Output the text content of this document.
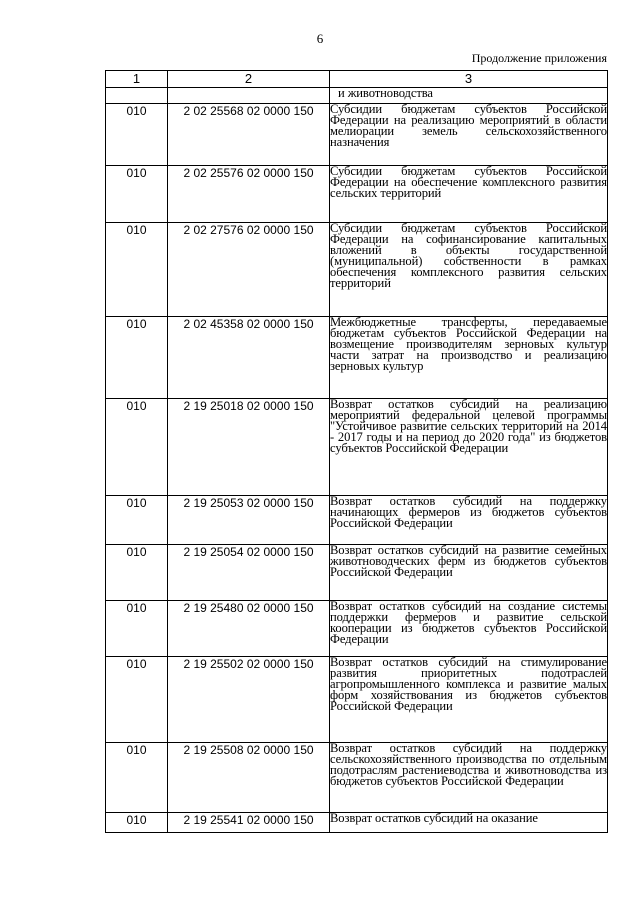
6
Продолжение приложения
1	2	3
		и животноводства
010	2 02 25568 02 0000 150	Субсидии бюджетам субъектов Российской Федерации на реализацию мероприятий в области мелиорации земель сельскохозяйственного назначения
010	2 02 25576 02 0000 150	Субсидии бюджетам субъектов Российской Федерации на обеспечение комплексного развития сельских территорий
010	2 02 27576 02 0000 150	Субсидии бюджетам субъектов Российской Федерации на софинансирование капитальных вложений в объекты государственной (муниципальной) собственности в рамках обеспечения комплексного развития сельских территорий
010	2 02 45358 02 0000 150	Межбюджетные трансферты, передаваемые бюджетам субъектов Российской Федерации на возмещение производителям зерновых культур части затрат на производство и реализацию зерновых культур
010	2 19 25018 02 0000 150	Возврат остатков субсидий на реализацию мероприятий федеральной целевой программы "Устойчивое развитие сельских территорий на 2014 - 2017 годы и на период до 2020 года" из бюджетов субъектов Российской Федерации
010	2 19 25053 02 0000 150	Возврат остатков субсидий на поддержку начинающих фермеров из бюджетов субъектов Российской Федерации
010	2 19 25054 02 0000 150	Возврат остатков субсидий на развитие семейных животноводческих ферм из бюджетов субъектов Российской Федерации
010	2 19 25480 02 0000 150	Возврат остатков субсидий на создание системы поддержки фермеров и развитие сельской кооперации из бюджетов субъектов Российской Федерации
010	2 19 25502 02 0000 150	Возврат остатков субсидий на стимулирование развития приоритетных подотраслей агропромышленного комплекса и развитие малых форм хозяйствования из бюджетов субъектов Российской Федерации
010	2 19 25508 02 0000 150	Возврат остатков субсидий на поддержку сельскохозяйственного производства по отдельным подотраслям растениеводства и животноводства из бюджетов субъектов Российской Федерации
010	2 19 25541 02 0000 150	Возврат остатков субсидий на оказание
